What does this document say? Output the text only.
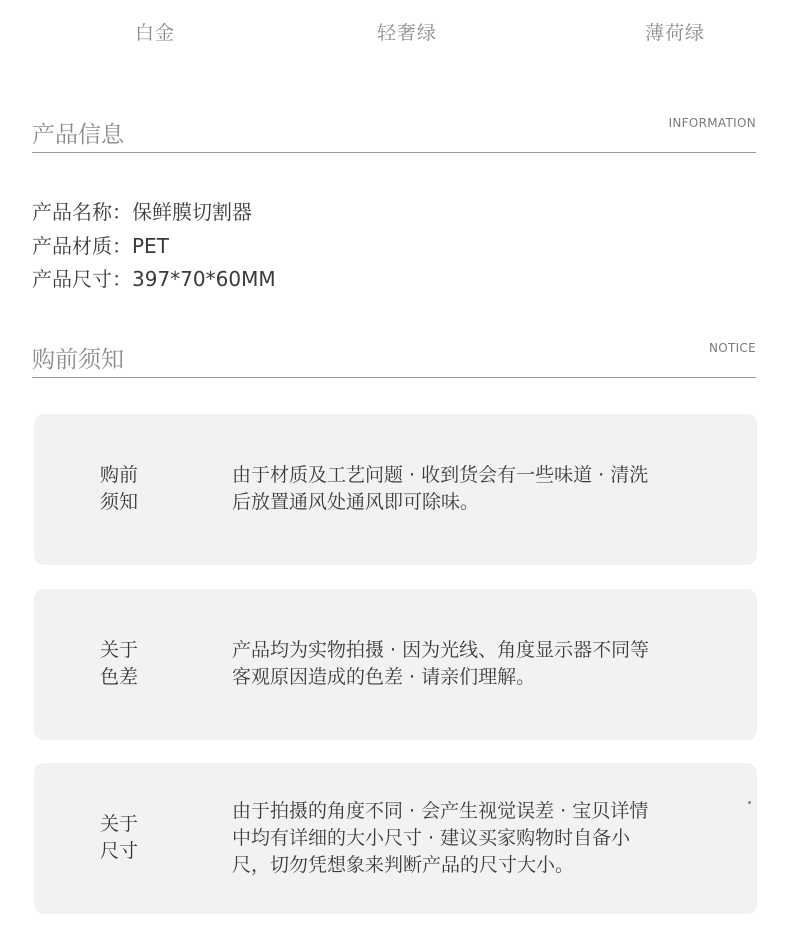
白金	轻奢绿	薄荷绿
产品信息	INFORMATION
产品名称：保鲜膜切割器
产品材质：PET
产品尺寸：397*70*60MM
购前须知	NOTICE
购前
须知
由于材质及工艺问题 · 收到货会有一些味道 · 清洗
后放置通风处通风即可除味。
关于
色差
产品均为实物拍摄 · 因为光线、角度显示器不同等
客观原因造成的色差 · 请亲们理解。
关于
尺寸
由于拍摄的角度不同 · 会产生视觉误差 · 宝贝详情
中均有详细的大小尺寸 · 建议买家购物时自备小
尺，切勿凭想象来判断产品的尺寸大小。
